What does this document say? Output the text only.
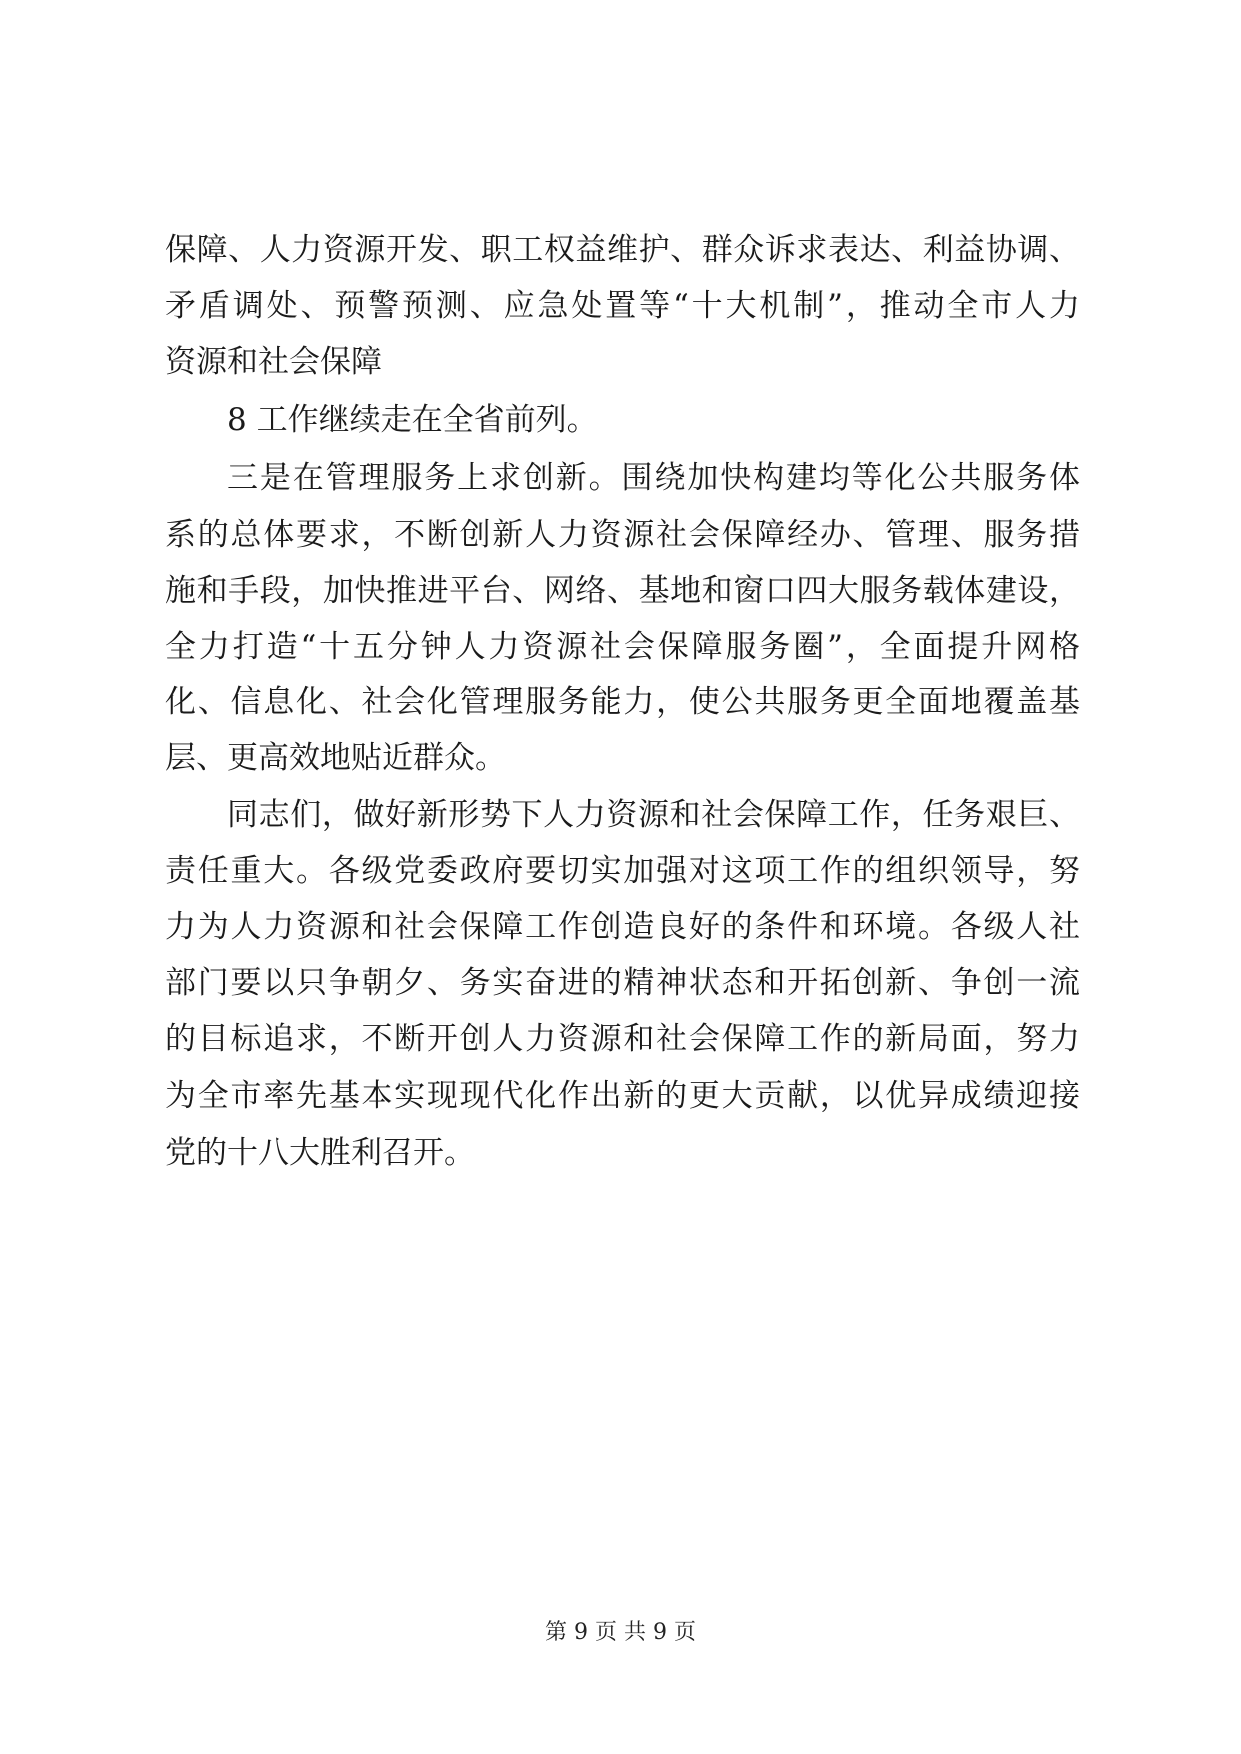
保障、人力资源开发、职工权益维护、群众诉求表达、利益协调、
矛盾调处、预警预测、应急处置等“十大机制”，推动全市人力
资源和社会保障
8 工作继续走在全省前列。
三是在管理服务上求创新。围绕加快构建均等化公共服务体
系的总体要求，不断创新人力资源社会保障经办、管理、服务措
施和手段，加快推进平台、网络、基地和窗口四大服务载体建设，
全力打造“十五分钟人力资源社会保障服务圈”，全面提升网格
化、信息化、社会化管理服务能力，使公共服务更全面地覆盖基
层、更高效地贴近群众。
同志们，做好新形势下人力资源和社会保障工作，任务艰巨、
责任重大。各级党委政府要切实加强对这项工作的组织领导，努
力为人力资源和社会保障工作创造良好的条件和环境。各级人社
部门要以只争朝夕、务实奋进的精神状态和开拓创新、争创一流
的目标追求，不断开创人力资源和社会保障工作的新局面，努力
为全市率先基本实现现代化作出新的更大贡献，以优异成绩迎接
党的十八大胜利召开。
第 9 页 共 9 页
